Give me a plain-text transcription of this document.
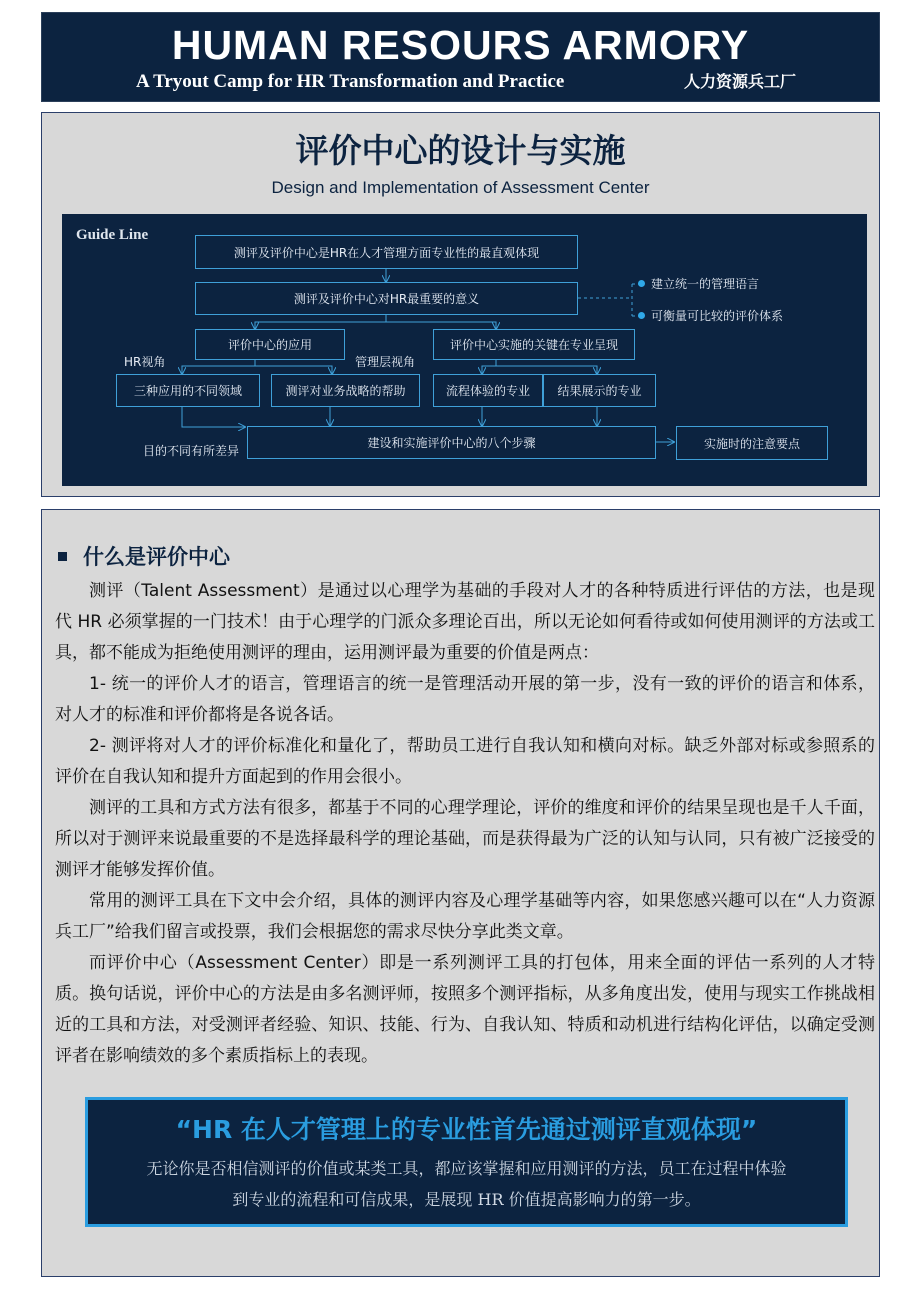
HUMAN RESOURS ARMORY
A Tryout Camp for HR Transformation and Practice	人力资源兵工厂
评价中心的设计与实施
Design and Implementation of Assessment Center
Guide Line
测评及评价中心是HR在人才管理方面专业性的最直观体现
测评及评价中心对HR最重要的意义
建立统一的管理语言
可衡量可比较的评价体系
评价中心的应用	评价中心实施的关键在专业呈现
HR视角	管理层视角
三种应用的不同领域	测评对业务战略的帮助	流程体验的专业	结果展示的专业
目的不同有所差异
建设和实施评价中心的八个步骤	实施时的注意要点
什么是评价中心

测评（Talent Assessment）是通过以心理学为基础的手段对人才的各种特质进行评估的方法，也是现代 HR 必须掌握的一门技术！由于心理学的门派众多理论百出，所以无论如何看待或如何使用测评的方法或工具，都不能成为拒绝使用测评的理由，运用测评最为重要的价值是两点：

1- 统一的评价人才的语言，管理语言的统一是管理活动开展的第一步，没有一致的评价的语言和体系，对人才的标准和评价都将是各说各话。

2- 测评将对人才的评价标准化和量化了，帮助员工进行自我认知和横向对标。缺乏外部对标或参照系的评价在自我认知和提升方面起到的作用会很小。

测评的工具和方式方法有很多，都基于不同的心理学理论，评价的维度和评价的结果呈现也是千人千面，所以对于测评来说最重要的不是选择最科学的理论基础，而是获得最为广泛的认知与认同，只有被广泛接受的测评才能够发挥价值。

常用的测评工具在下文中会介绍，具体的测评内容及心理学基础等内容，如果您感兴趣可以在“人力资源兵工厂”给我们留言或投票，我们会根据您的需求尽快分享此类文章。

而评价中心（Assessment Center）即是一系列测评工具的打包体，用来全面的评估一系列的人才特质。换句话说，评价中心的方法是由多名测评师，按照多个测评指标，从多角度出发，使用与现实工作挑战相近的工具和方法，对受测评者经验、知识、技能、行为、自我认知、特质和动机进行结构化评估，以确定受测评者在影响绩效的多个素质指标上的表现。

“HR 在人才管理上的专业性首先通过测评直观体现”
无论你是否相信测评的价值或某类工具，都应该掌握和应用测评的方法，员工在过程中体验
到专业的流程和可信成果，是展现 HR 价值提高影响力的第一步。
